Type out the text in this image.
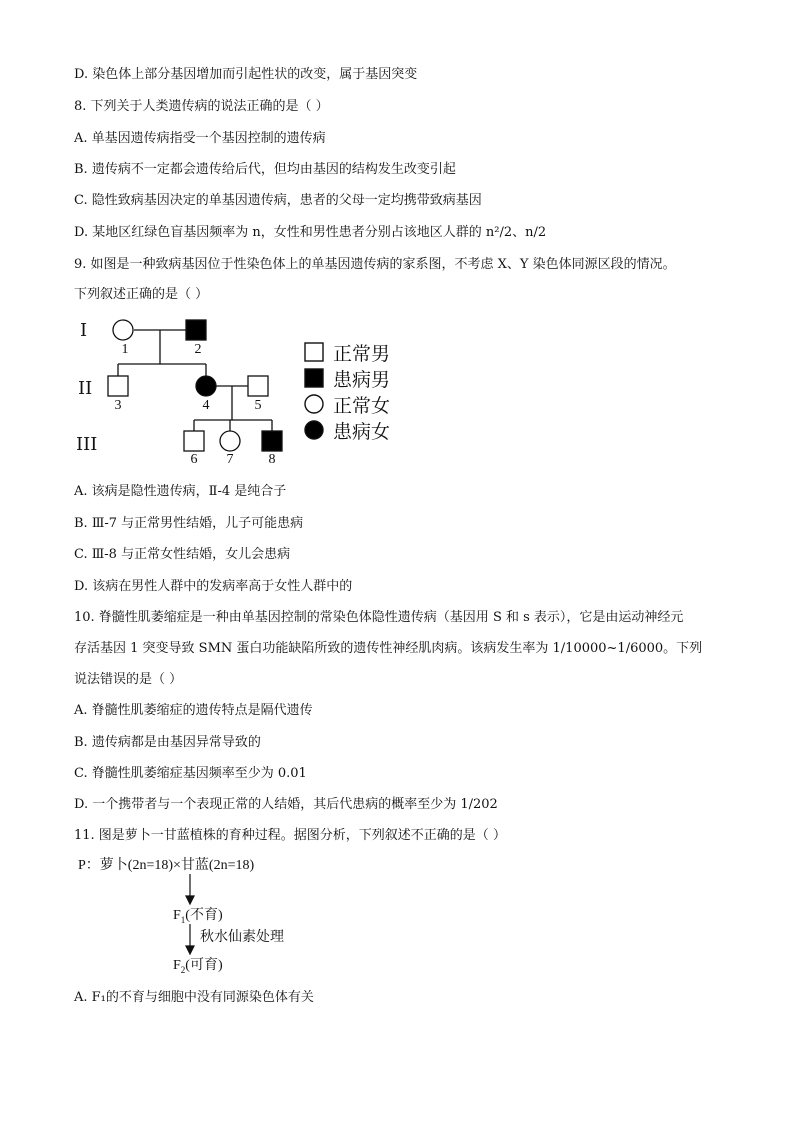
D. 染色体上部分基因增加而引起性状的改变，属于基因突变
8. 下列关于人类遗传病的说法正确的是（ ）
A. 单基因遗传病指受一个基因控制的遗传病
B. 遗传病不一定都会遗传给后代，但均由基因的结构发生改变引起
C. 隐性致病基因决定的单基因遗传病，患者的父母一定均携带致病基因
D. 某地区红绿色盲基因频率为 n，女性和男性患者分别占该地区人群的 n²/2、n/2
9. 如图是一种致病基因位于性染色体上的单基因遗传病的家系图，不考虑 X、Y 染色体同源区段的情况。
下列叙述正确的是（ ）
I
II
III
1	2
3	4	5
6	7	8
正常男
患病男
正常女
患病女
A. 该病是隐性遗传病，Ⅱ-4 是纯合子
B. Ⅲ-7 与正常男性结婚，儿子可能患病
C. Ⅲ-8 与正常女性结婚，女儿会患病
D. 该病在男性人群中的发病率高于女性人群中的
10. 脊髓性肌萎缩症是一种由单基因控制的常染色体隐性遗传病（基因用 S 和 s 表示），它是由运动神经元
存活基因 1 突变导致 SMN 蛋白功能缺陷所致的遗传性神经肌肉病。该病发生率为 1/10000~1/6000。下列
说法错误的是（ ）
A. 脊髓性肌萎缩症的遗传特点是隔代遗传
B. 遗传病都是由基因异常导致的
C. 脊髓性肌萎缩症基因频率至少为 0.01
D. 一个携带者与一个表现正常的人结婚，其后代患病的概率至少为 1/202
11. 图是萝卜一甘蓝植株的育种过程。据图分析，下列叙述不正确的是（ ）
P：萝卜(2n=18)×甘蓝(2n=18)
$F_1$(不育)
秋水仙素处理
$F_2$(可育)
A. F₁的不育与细胞中没有同源染色体有关
